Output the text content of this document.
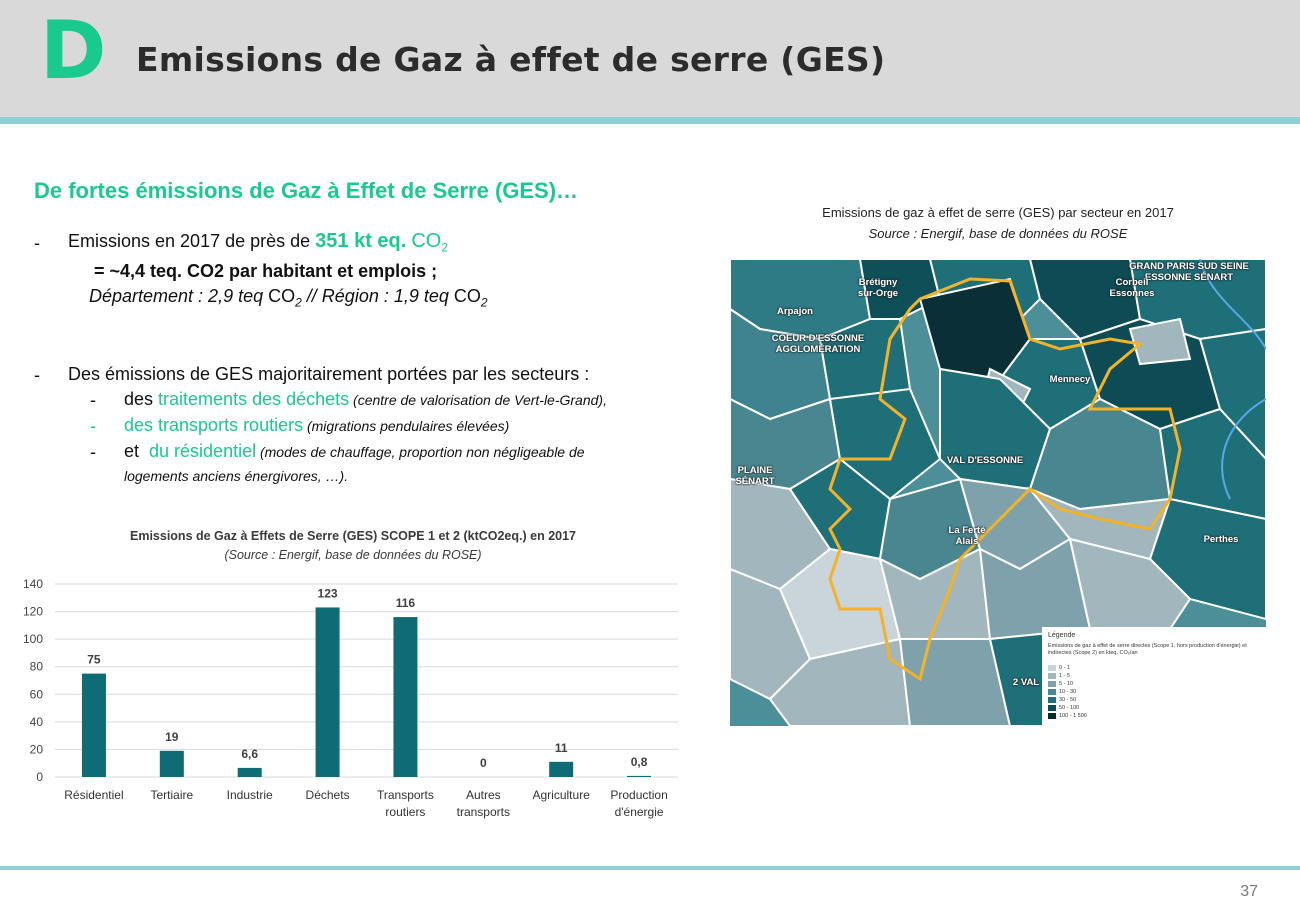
D Emissions de Gaz à effet de serre (GES)
De fortes émissions de Gaz à Effet de Serre (GES)…
- Emissions en 2017 de près de 351 kt eq. $CO_2$
= ~4,4 teq. CO2 par habitant et emplois ;
Département : 2,9 teq $CO_2$ // Région : 1,9 teq $CO_2$
- Des émissions de GES majoritairement portées par les secteurs :
- des traitements des déchets (centre de valorisation de Vert-le-Grand),
- des transports routiers (migrations pendulaires élevées)
- et  du résidentiel (modes de chauffage, proportion non négligeable de
logements anciens énergivores, …).
Emissions de Gaz à Effets de Serre (GES) SCOPE 1 et 2 (ktCO2eq.) en 2017
(Source : Energif, base de données du ROSE)
0
20
40
60
80
100
120
140
75
Résidentiel
19
Tertiaire
6,6
Industrie
123
Déchets
116
Transports
routiers
0
Autres
transports
11
Agriculture
0,8
Production
d'énergie
Emissions de gaz à effet de serre (GES) par secteur en 2017
Source : Energif, base de données du ROSE
GRAND PARIS SUD SEINE
ESSONNE SÉNART
Brétigny
sur-Orge
Corbeil
Essonnes
Arpajon
COEUR D'ESSONNE
AGGLOMÉRATION
Mennecy
VAL D'ESSONNE
PLAINE
SÉNART
La Ferté
Alais	Perthes
2 VAL
Légende
Emissions de gaz à effet de serre directes (Scope 1, hors production d'énergie) et indirectes (Scope 2) en kteq. CO₂/an
0 - 1
1 - 5
5 - 10
10 - 30
30 - 50
50 - 100
100 - 1 500
37
